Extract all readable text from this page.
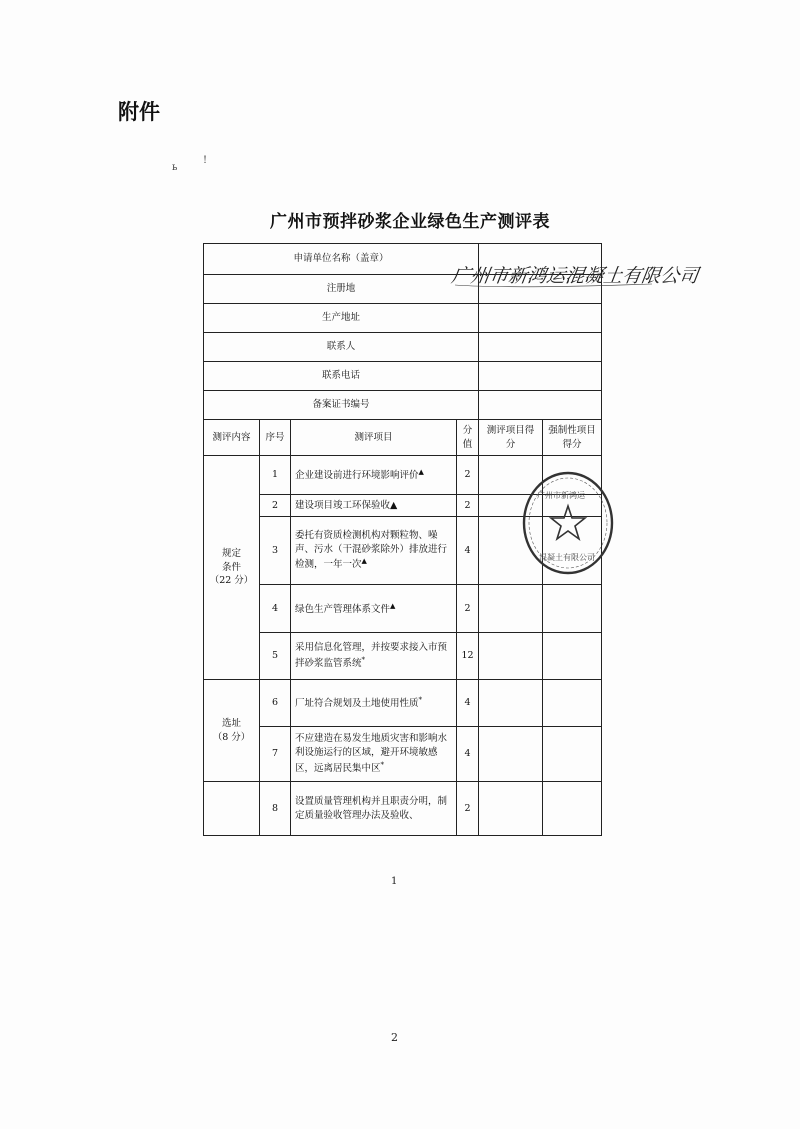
附件
ь
!
广州市预拌砂浆企业绿色生产测评表
申请单位名称（盖章）					
注册地					
生产地址					
联系人					
联系电话					
备案证书编号					
测评内容	序号	测评项目	分值	测评项目得分	强制性项目得分

规定
条件
（22 分）	1	企业建设前进行环境影响评价▲	2		
	2	建设项目竣工环保验收▲	2		
	3	委托有资质检测机构对颗粒物、噪声、污水（干混砂浆除外）排放进行检测，一年一次▲	4		
	4	绿色生产管理体系文件▲	2		
	5	采用信息化管理，并按要求接入市预拌砂浆监管系统*	12		

选址
（8 分）	6	厂址符合规划及土地使用性质*	4		
	7	不应建造在易发生地质灾害和影响水利设施运行的区域，避开环境敏感区，远离居民集中区*	4		
	8	设置质量管理机构并且职责分明，制定质量验收管理办法及验收、	2		
广州市新鸿运混凝土有限公司
广州市新鸿运
混凝土有限公司
1
2
